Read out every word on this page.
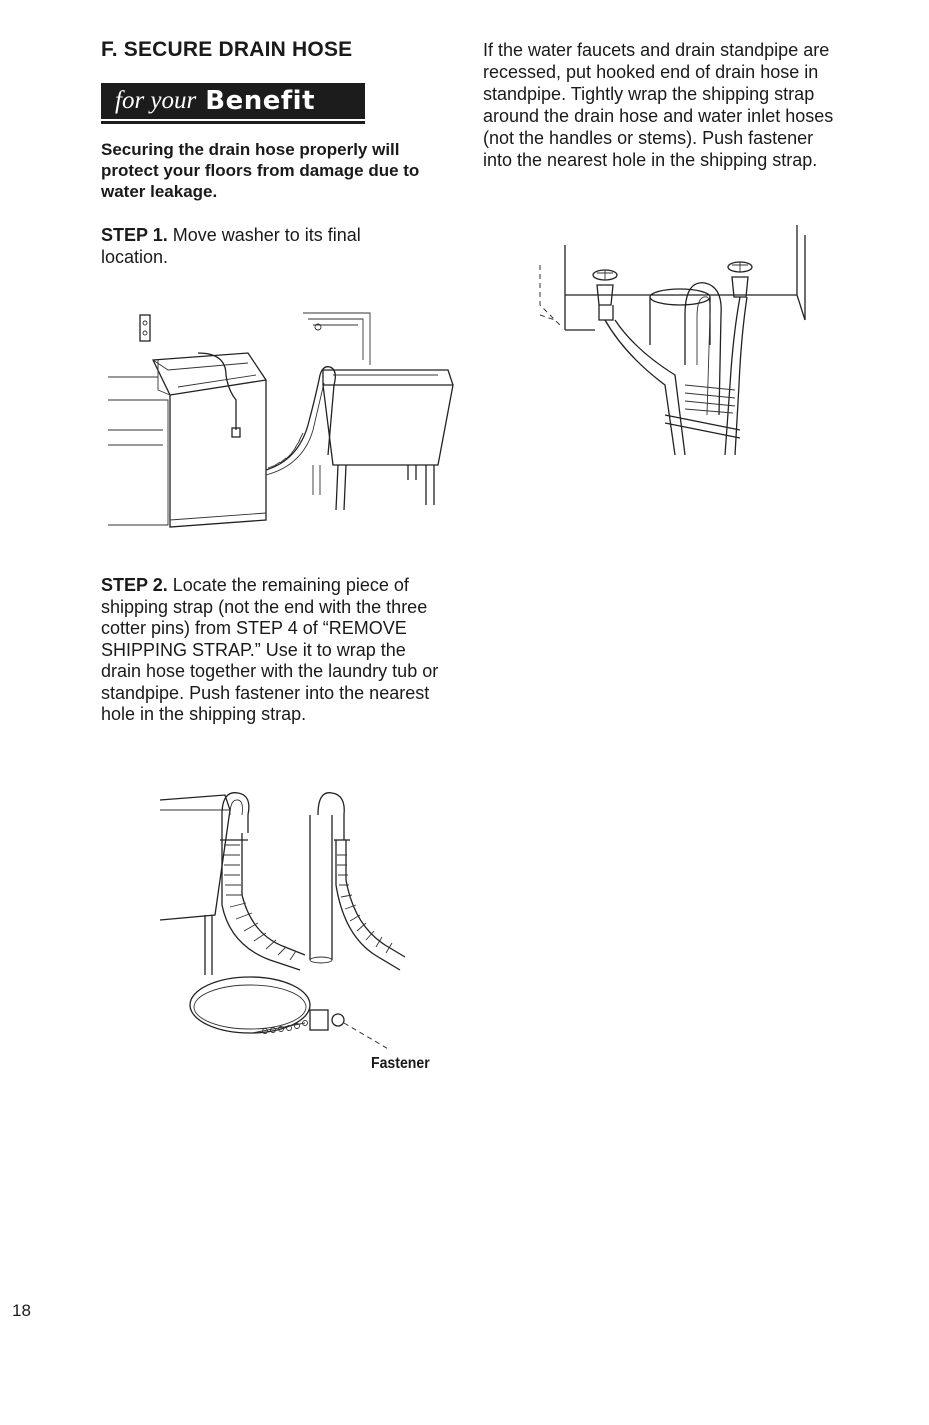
F. SECURE DRAIN HOSE
for your Benefit
Securing the drain hose properly will protect your floors from damage due to water leakage.
STEP 1. Move washer to its final location.
STEP 2. Locate the remaining piece of shipping strap (not the end with the three cotter pins) from STEP 4 of “REMOVE SHIPPING STRAP.” Use it to wrap the drain hose together with the laundry tub or standpipe. Push fastener into the nearest hole in the shipping strap.
Fastener
If the water faucets and drain standpipe are recessed, put hooked end of drain hose in standpipe. Tightly wrap the shipping strap around the drain hose and water inlet hoses (not the handles or stems). Push fastener into the nearest hole in the shipping strap.
18
